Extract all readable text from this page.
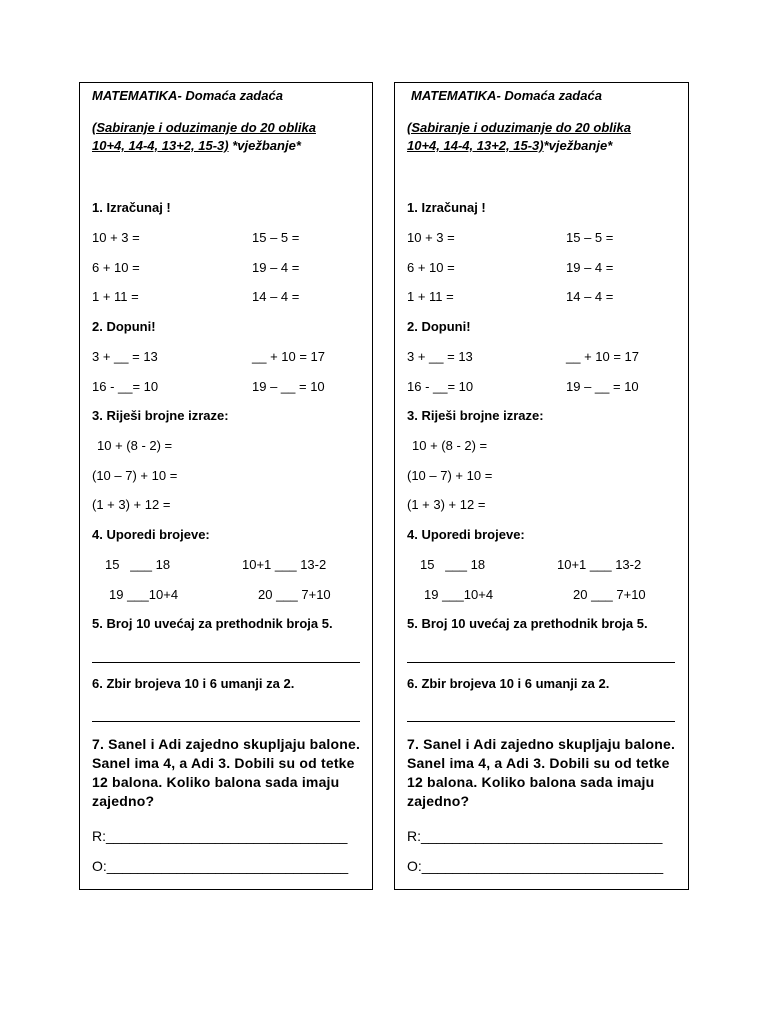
MATEMATIKA- Domaća zadaća
(Sabiranje i oduzimanje do 20 oblika
10+4, 14-4, 13+2, 15-3) *vježbanje*
1. Izračunaj !
10 + 3 =	15 – 5 =
6 + 10 =	19 – 4 =
1 + 11 =	14 – 4 =
2. Dopuni!
3 + __ = 13	__ + 10 = 17
16 - __= 10	19 – __ = 10
3. Riješi brojne izraze:
10 + (8 - 2) =
(10 – 7) + 10 =
(1 + 3) + 12 =
4. Uporedi brojeve:
15   ___ 18	10+1 ___ 13-2
19 ___10+4	20 ___ 7+10
5. Broj 10 uvećaj za prethodnik broja 5.
6. Zbir brojeva 10 i 6 umanji za 2.
7. Sanel i Adi zajedno skupljaju balone. Sanel ima 4, a Adi 3. Dobili su od tetke 12 balona. Koliko balona sada imaju zajedno?
R:_______________________________
O:_______________________________
MATEMATIKA- Domaća zadaća
(Sabiranje i oduzimanje do 20 oblika
10+4, 14-4, 13+2, 15-3)*vježbanje*
1. Izračunaj !
10 + 3 =	15 – 5 =
6 + 10 =	19 – 4 =
1 + 11 =	14 – 4 =
2. Dopuni!
3 + __ = 13	__ + 10 = 17
16 - __= 10	19 – __ = 10
3. Riješi brojne izraze:
10 + (8 - 2) =
(10 – 7) + 10 =
(1 + 3) + 12 =
4. Uporedi brojeve:
15   ___ 18	10+1 ___ 13-2
19 ___10+4	20 ___ 7+10
5. Broj 10 uvećaj za prethodnik broja 5.
6. Zbir brojeva 10 i 6 umanji za 2.
7. Sanel i Adi zajedno skupljaju balone. Sanel ima 4, a Adi 3. Dobili su od tetke 12 balona. Koliko balona sada imaju zajedno?
R:_______________________________
O:_______________________________
